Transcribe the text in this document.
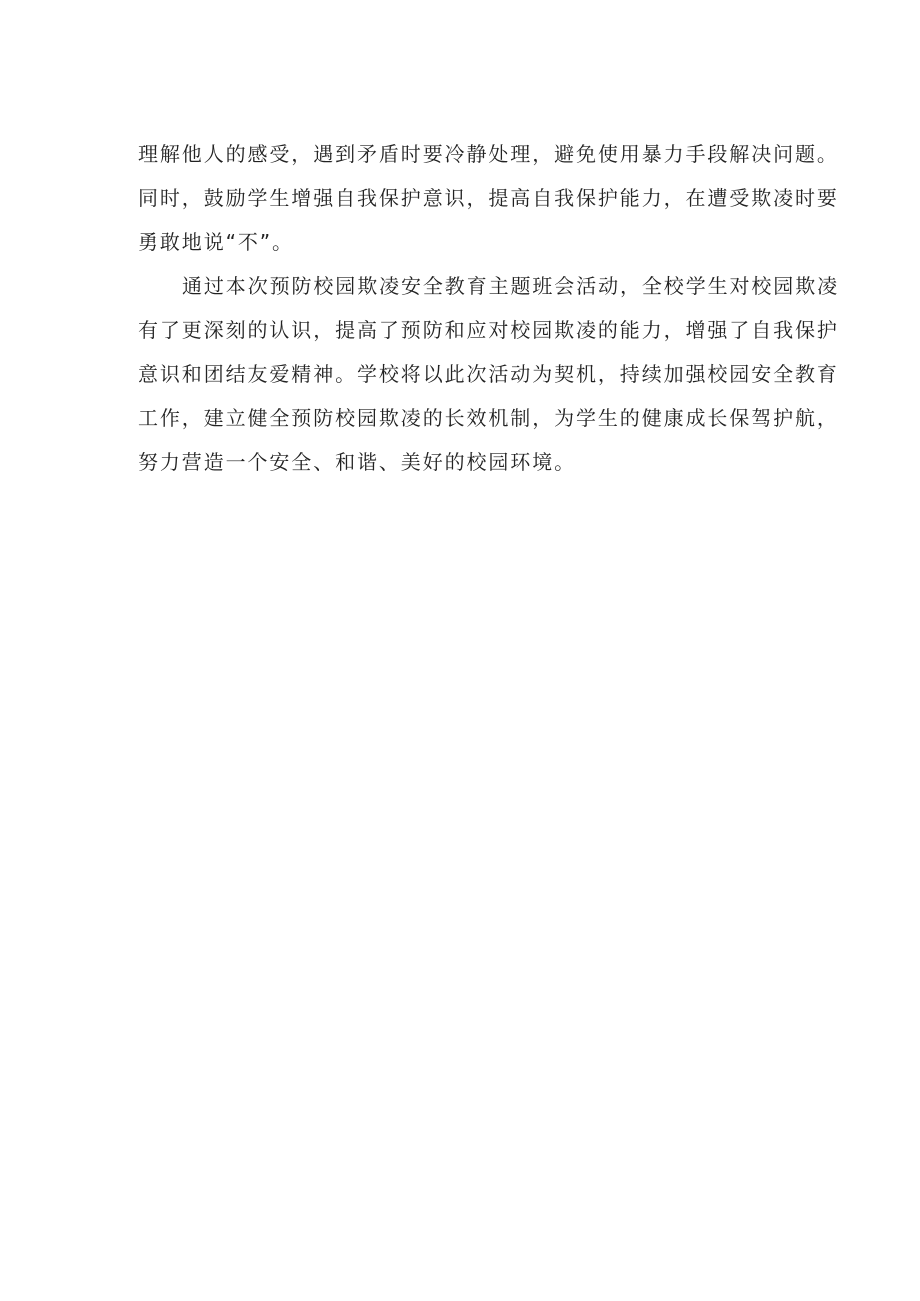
理解他人的感受，遇到矛盾时要冷静处理，避免使用暴力手段解决问题。
同时，鼓励学生增强自我保护意识，提高自我保护能力，在遭受欺凌时要
勇敢地说“不”。
通过本次预防校园欺凌安全教育主题班会活动，全校学生对校园欺凌
有了更深刻的认识，提高了预防和应对校园欺凌的能力，增强了自我保护
意识和团结友爱精神。学校将以此次活动为契机，持续加强校园安全教育
工作，建立健全预防校园欺凌的长效机制，为学生的健康成长保驾护航，
努力营造一个安全、和谐、美好的校园环境。
